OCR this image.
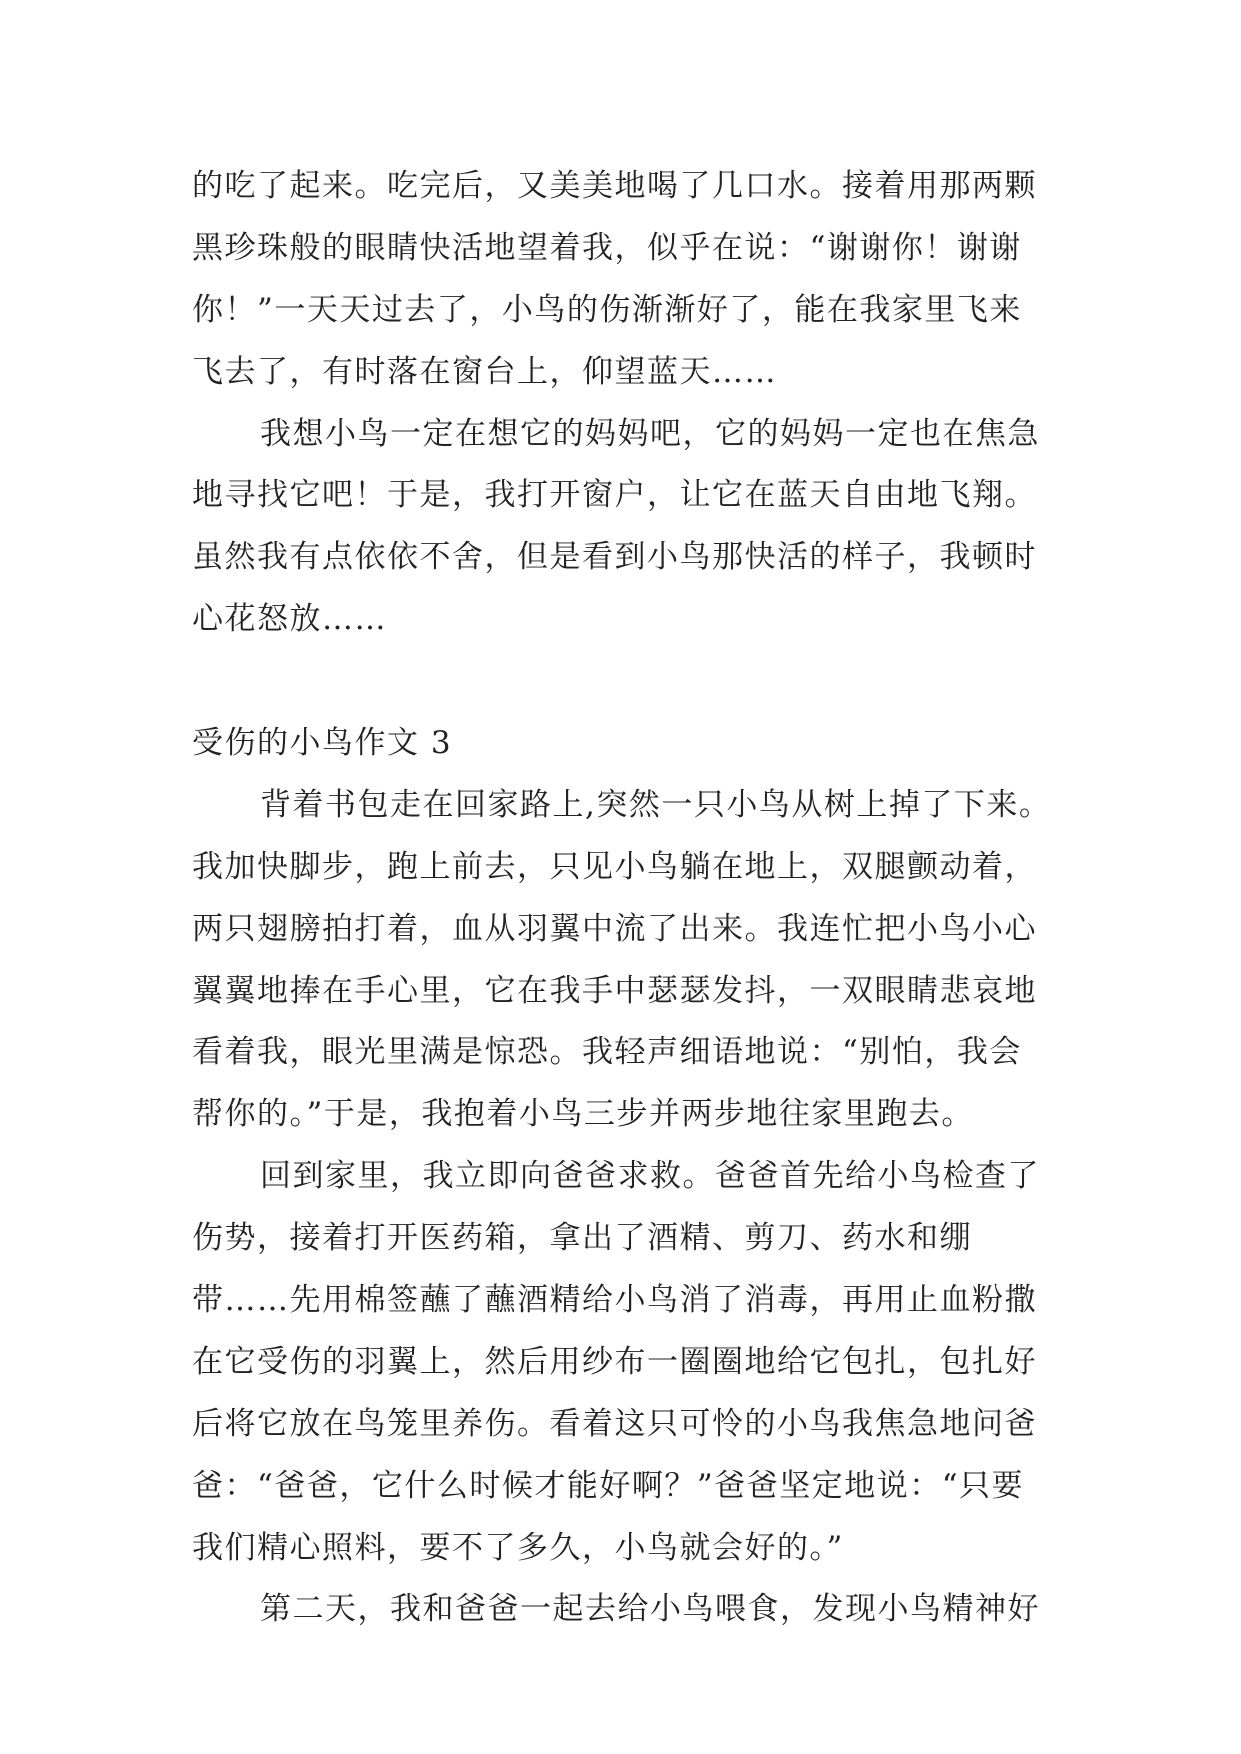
的吃了起来。吃完后，又美美地喝了几口水。接着用那两颗
黑珍珠般的眼睛快活地望着我，似乎在说：“谢谢你！谢谢
你！”一天天过去了，小鸟的伤渐渐好了，能在我家里飞来
飞去了，有时落在窗台上，仰望蓝天……
我想小鸟一定在想它的妈妈吧，它的妈妈一定也在焦急
地寻找它吧！于是，我打开窗户，让它在蓝天自由地飞翔。
虽然我有点依依不舍，但是看到小鸟那快活的样子，我顿时
心花怒放……
受伤的小鸟作文 3
背着书包走在回家路上,突然一只小鸟从树上掉了下来。
我加快脚步，跑上前去，只见小鸟躺在地上，双腿颤动着，
两只翅膀拍打着，血从羽翼中流了出来。我连忙把小鸟小心
翼翼地捧在手心里，它在我手中瑟瑟发抖，一双眼睛悲哀地
看着我，眼光里满是惊恐。我轻声细语地说：“别怕，我会
帮你的。”于是，我抱着小鸟三步并两步地往家里跑去。
回到家里，我立即向爸爸求救。爸爸首先给小鸟检查了
伤势，接着打开医药箱，拿出了酒精、剪刀、药水和绷
带……先用棉签蘸了蘸酒精给小鸟消了消毒，再用止血粉撒
在它受伤的羽翼上，然后用纱布一圈圈地给它包扎，包扎好
后将它放在鸟笼里养伤。看着这只可怜的小鸟我焦急地问爸
爸：“爸爸，它什么时候才能好啊？”爸爸坚定地说：“只要
我们精心照料，要不了多久，小鸟就会好的。”
第二天，我和爸爸一起去给小鸟喂食，发现小鸟精神好
